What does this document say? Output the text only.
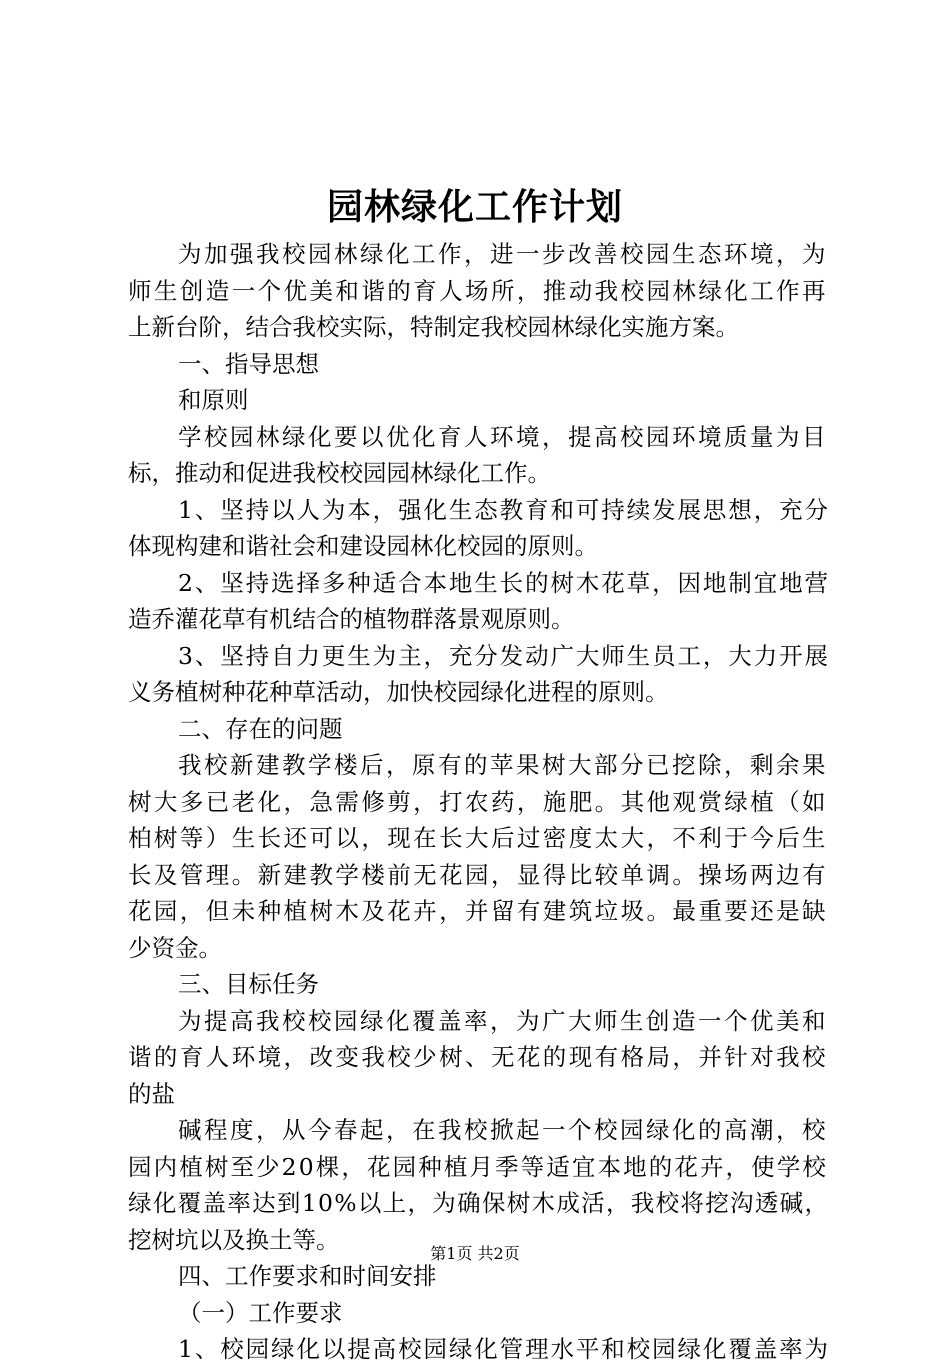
园林绿化工作计划
为加强我校园林绿化工作，进一步改善校园生态环境，为
师生创造一个优美和谐的育人场所，推动我校园林绿化工作再
上新台阶，结合我校实际，特制定我校园林绿化实施方案。
一、指导思想
和原则
学校园林绿化要以优化育人环境，提高校园环境质量为目
标，推动和促进我校校园园林绿化工作。
1、坚持以人为本，强化生态教育和可持续发展思想，充分
体现构建和谐社会和建设园林化校园的原则。
2、坚持选择多种适合本地生长的树木花草，因地制宜地营
造乔灌花草有机结合的植物群落景观原则。
3、坚持自力更生为主，充分发动广大师生员工，大力开展
义务植树种花种草活动，加快校园绿化进程的原则。
二、存在的问题
我校新建教学楼后，原有的苹果树大部分已挖除，剩余果
树大多已老化，急需修剪，打农药，施肥。其他观赏绿植（如
柏树等）生长还可以，现在长大后过密度太大，不利于今后生
长及管理。新建教学楼前无花园，显得比较单调。操场两边有
花园，但未种植树木及花卉，并留有建筑垃圾。最重要还是缺
少资金。
三、目标任务
为提高我校校园绿化覆盖率，为广大师生创造一个优美和
谐的育人环境，改变我校少树、无花的现有格局，并针对我校
的盐
碱程度，从今春起，在我校掀起一个校园绿化的高潮，校
园内植树至少20棵，花园种植月季等适宜本地的花卉，使学校
绿化覆盖率达到10%以上，为确保树木成活，我校将挖沟透碱，
挖树坑以及换土等。
四、工作要求和时间安排
（一）工作要求
1、校园绿化以提高校园绿化管理水平和校园绿化覆盖率为
第1页 共2页
